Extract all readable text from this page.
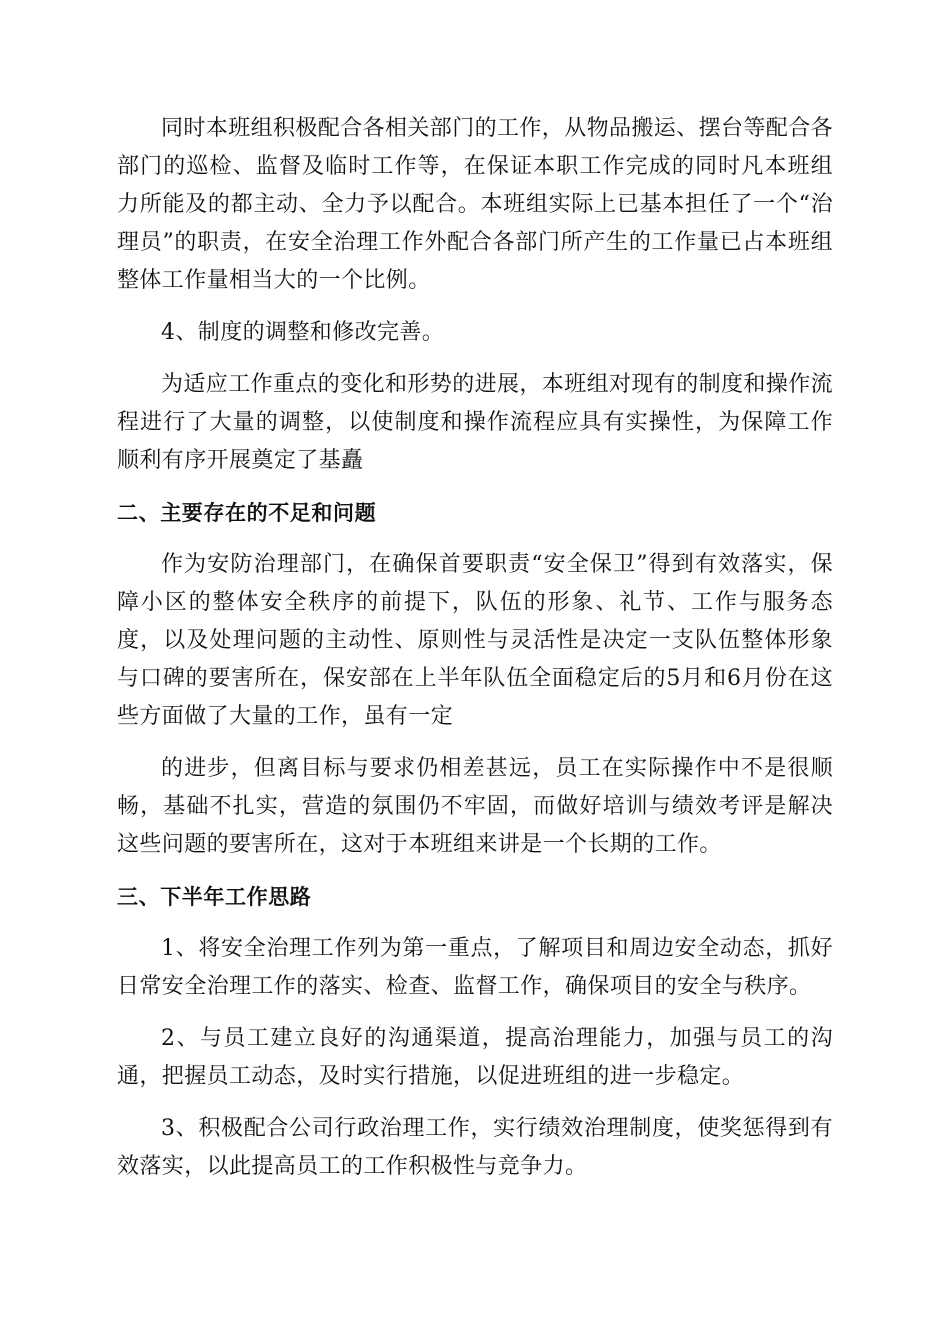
同时本班组积极配合各相关部门的工作，从物品搬运、摆台等配合各部门的巡检、监督及临时工作等，在保证本职工作完成的同时凡本班组力所能及的都主动、全力予以配合。本班组实际上已基本担任了一个“治理员”的职责，在安全治理工作外配合各部门所产生的工作量已占本班组整体工作量相当大的一个比例。

4、制度的调整和修改完善。

为适应工作重点的变化和形势的进展，本班组对现有的制度和操作流程进行了大量的调整，以使制度和操作流程应具有实操性，为保障工作顺利有序开展奠定了基矗

二、主要存在的不足和问题

作为安防治理部门，在确保首要职责“安全保卫”得到有效落实，保障小区的整体安全秩序的前提下，队伍的形象、礼节、工作与服务态度，以及处理问题的主动性、原则性与灵活性是决定一支队伍整体形象与口碑的要害所在，保安部在上半年队伍全面稳定后的5月和6月份在这些方面做了大量的工作，虽有一定

的进步，但离目标与要求仍相差甚远，员工在实际操作中不是很顺畅，基础不扎实，营造的氛围仍不牢固，而做好培训与绩效考评是解决这些问题的要害所在，这对于本班组来讲是一个长期的工作。

三、下半年工作思路

1、将安全治理工作列为第一重点，了解项目和周边安全动态，抓好日常安全治理工作的落实、检查、监督工作，确保项目的安全与秩序。

2、与员工建立良好的沟通渠道，提高治理能力，加强与员工的沟通，把握员工动态，及时实行措施，以促进班组的进一步稳定。

3、积极配合公司行政治理工作，实行绩效治理制度，使奖惩得到有效落实，以此提高员工的工作积极性与竞争力。
